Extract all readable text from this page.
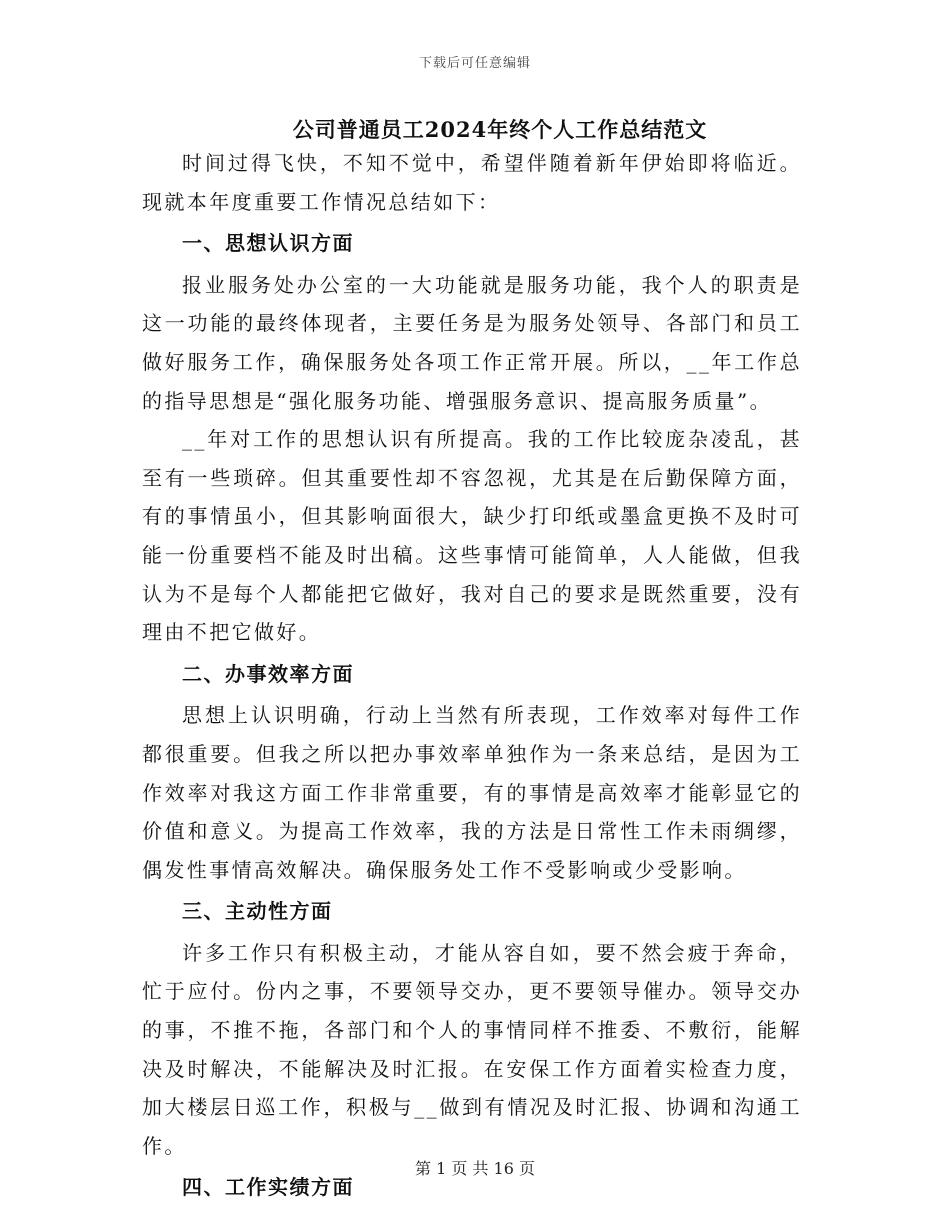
下载后可任意编辑
公司普通员工2024年终个人工作总结范文

时间过得飞快，不知不觉中，希望伴随着新年伊始即将临近。现就本年度重要工作情况总结如下：

一、思想认识方面

报业服务处办公室的一大功能就是服务功能，我个人的职责是这一功能的最终体现者，主要任务是为服务处领导、各部门和员工做好服务工作，确保服务处各项工作正常开展。所以，__年工作总的指导思想是“强化服务功能、增强服务意识、提高服务质量”。

__年对工作的思想认识有所提高。我的工作比较庞杂凌乱，甚至有一些琐碎。但其重要性却不容忽视，尤其是在后勤保障方面，有的事情虽小，但其影响面很大，缺少打印纸或墨盒更换不及时可能一份重要档不能及时出稿。这些事情可能简单，人人能做，但我认为不是每个人都能把它做好，我对自己的要求是既然重要，没有理由不把它做好。

二、办事效率方面

思想上认识明确，行动上当然有所表现，工作效率对每件工作都很重要。但我之所以把办事效率单独作为一条来总结，是因为工作效率对我这方面工作非常重要，有的事情是高效率才能彰显它的价值和意义。为提高工作效率，我的方法是日常性工作未雨绸缪，偶发性事情高效解决。确保服务处工作不受影响或少受影响。

三、主动性方面

许多工作只有积极主动，才能从容自如，要不然会疲于奔命，忙于应付。份内之事，不要领导交办，更不要领导催办。领导交办的事，不推不拖，各部门和个人的事情同样不推委、不敷衍，能解决及时解决，不能解决及时汇报。在安保工作方面着实检查力度，加大楼层日巡工作，积极与__做到有情况及时汇报、协调和沟通工作。

四、工作实绩方面

第 1 页 共 16 页
